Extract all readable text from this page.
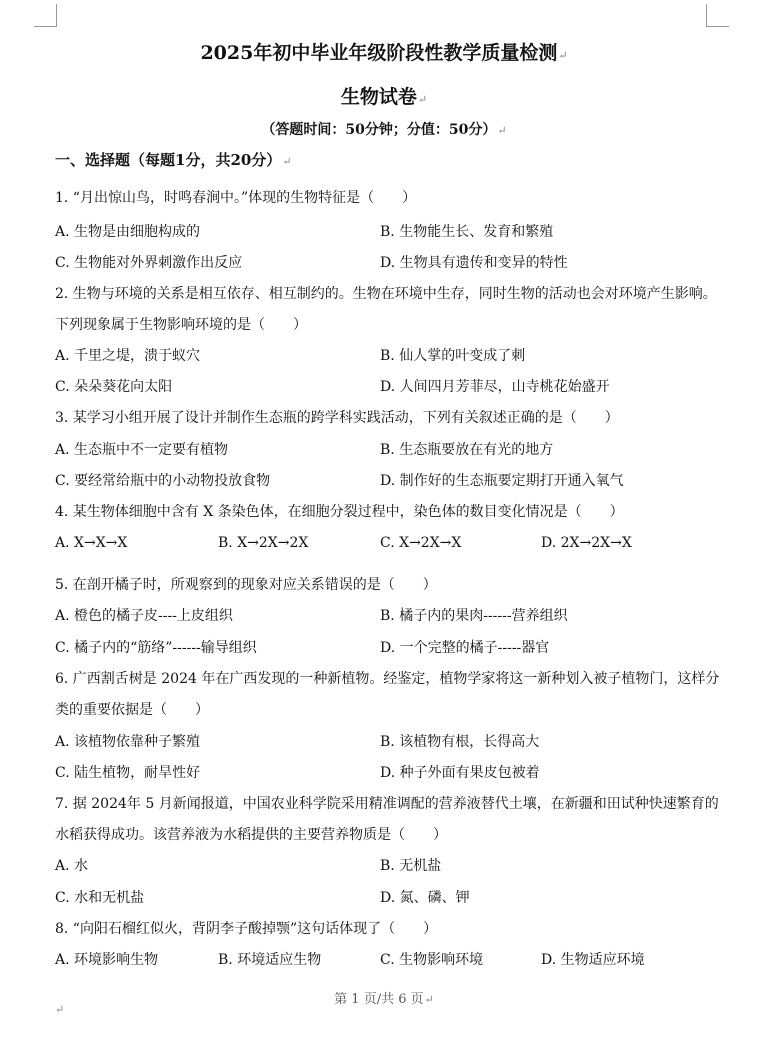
2025年初中毕业年级阶段性教学质量检测↵
生物试卷↵
（答题时间：50分钟；分值：50分）↵
一、选择题（每题1分，共20分）↵
1. “月出惊山鸟，时鸣春涧中。”体现的生物特征是（　　）
A. 生物是由细胞构成的	B. 生物能生长、发育和繁殖
C. 生物能对外界刺激作出反应	D. 生物具有遗传和变异的特性
2. 生物与环境的关系是相互依存、相互制约的。生物在环境中生存，同时生物的活动也会对环境产生影响。
下列现象属于生物影响环境的是（　　）
A. 千里之堤，溃于蚁穴	B. 仙人掌的叶变成了刺
C. 朵朵葵花向太阳	D. 人间四月芳菲尽，山寺桃花始盛开
3. 某学习小组开展了设计并制作生态瓶的跨学科实践活动，下列有关叙述正确的是（　　）
A. 生态瓶中不一定要有植物	B. 生态瓶要放在有光的地方
C. 要经常给瓶中的小动物投放食物	D. 制作好的生态瓶要定期打开通入氧气
4. 某生物体细胞中含有 X 条染色体，在细胞分裂过程中，染色体的数目变化情况是（　　）
A. X→X→X	B. X→2X→2X	C. X→2X→X	D. 2X→2X→X
5. 在剖开橘子时，所观察到的现象对应关系错误的是（　　）
A. 橙色的橘子皮----上皮组织	B. 橘子内的果肉------营养组织
C. 橘子内的“筋络”------输导组织	D. 一个完整的橘子-----器官
6. 广西割舌树是 2024 年在广西发现的一种新植物。经鉴定，植物学家将这一新种划入被子植物门，这样分
类的重要依据是（　　）
A. 该植物依靠种子繁殖	B. 该植物有根，长得高大
C. 陆生植物，耐旱性好	D. 种子外面有果皮包被着
7. 据 2024年 5 月新闻报道，中国农业科学院采用精准调配的营养液替代土壤，在新疆和田试种快速繁育的
水稻获得成功。该营养液为水稻提供的主要营养物质是（　　）
A. 水	B. 无机盐
C. 水和无机盐	D. 氮、磷、钾
8. “向阳石榴红似火，背阴李子酸掉颚”这句话体现了（　　）
A. 环境影响生物	B. 环境适应生物	C. 生物影响环境	D. 生物适应环境
第 1 页/共 6 页↵
↵
